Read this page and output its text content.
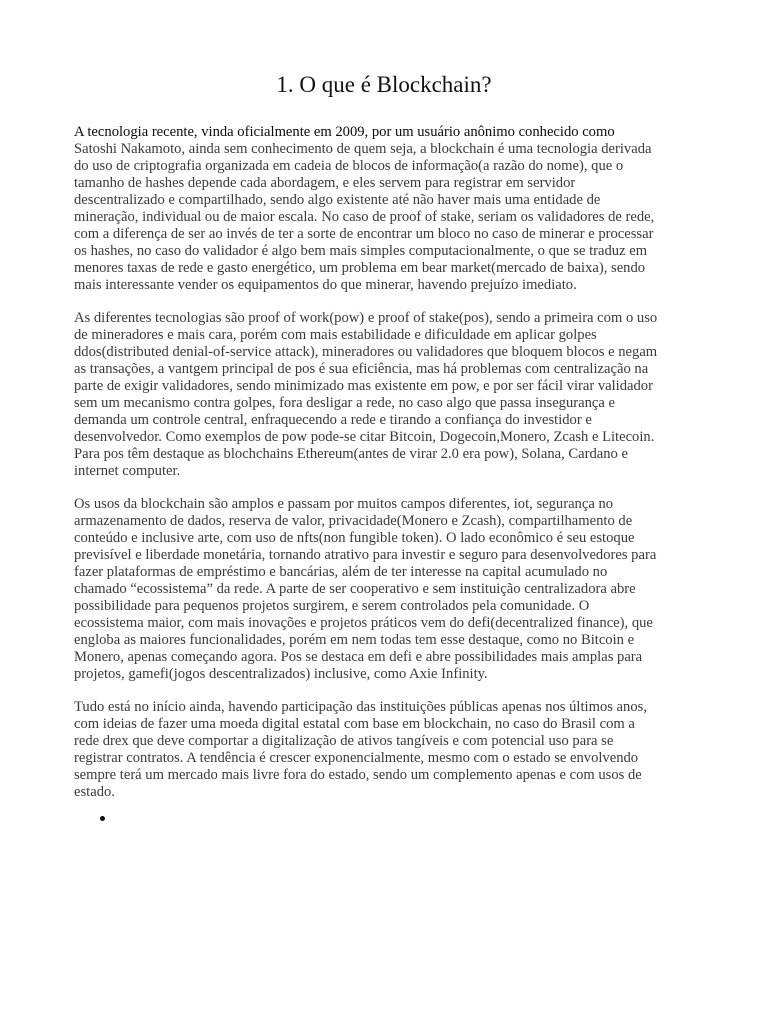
1. O que é Blockchain?

A tecnologia recente, vinda oficialmente em 2009, por um usuário anônimo conhecido como
Satoshi Nakamoto, ainda sem conhecimento de quem seja, a blockchain é uma tecnologia derivada
do uso de criptografia organizada em cadeia de blocos de informação(a razão do nome), que o
tamanho de hashes depende cada abordagem, e eles servem para registrar em servidor
descentralizado e compartilhado, sendo algo existente até não haver mais uma entidade de
mineração, individual ou de maior escala. No caso de proof of stake, seriam os validadores de rede,
com a diferença de ser ao invés de ter a sorte de encontrar um bloco no caso de minerar e processar
os hashes, no caso do validador é algo bem mais simples computacionalmente, o que se traduz em
menores taxas de rede e gasto energético, um problema em bear market(mercado de baixa), sendo
mais interessante vender os equipamentos do que minerar, havendo prejuízo imediato.

As diferentes tecnologias são proof of work(pow) e proof of stake(pos), sendo a primeira com o uso
de mineradores e mais cara, porém com mais estabilidade e dificuldade em aplicar golpes
ddos(distributed denial-of-service attack), mineradores ou validadores que bloquem blocos e negam
as transações, a vantgem principal de pos é sua eficiência, mas há problemas com centralização na
parte de exigir validadores, sendo minimizado mas existente em pow, e por ser fácil virar validador
sem um mecanismo contra golpes, fora desligar a rede, no caso algo que passa insegurança e
demanda um controle central, enfraquecendo a rede e tirando a confiança do investidor e
desenvolvedor. Como exemplos de pow pode-se citar Bitcoin, Dogecoin,Monero, Zcash e Litecoin.
Para pos têm destaque as blochchains Ethereum(antes de virar 2.0 era pow), Solana, Cardano e
internet computer.

Os usos da blockchain são amplos e passam por muitos campos diferentes, iot, segurança no
armazenamento de dados, reserva de valor, privacidade(Monero e Zcash), compartilhamento de
conteúdo e inclusive arte, com uso de nfts(non fungible token). O lado econômico é seu estoque
previsível e liberdade monetária, tornando atrativo para investir e seguro para desenvolvedores para
fazer plataformas de empréstimo e bancárias, além de ter interesse na capital acumulado no
chamado “ecossistema” da rede. A parte de ser cooperativo e sem instituição centralizadora abre
possibilidade para pequenos projetos surgirem, e serem controlados pela comunidade. O
ecossistema maior, com mais inovações e projetos práticos vem do defi(decentralized finance), que
engloba as maiores funcionalidades, porém em nem todas tem esse destaque, como no Bitcoin e
Monero, apenas começando agora. Pos se destaca em defi e abre possibilidades mais amplas para
projetos, gamefi(jogos descentralizados) inclusive, como Axie Infinity.

Tudo está no início ainda, havendo participação das instituições públicas apenas nos últimos anos,
com ideias de fazer uma moeda digital estatal com base em blockchain, no caso do Brasil com a
rede drex que deve comportar a digitalização de ativos tangíveis e com potencial uso para se
registrar contratos. A tendência é crescer exponencialmente, mesmo com o estado se envolvendo
sempre terá um mercado mais livre fora do estado, sendo um complemento apenas e com usos de
estado.
